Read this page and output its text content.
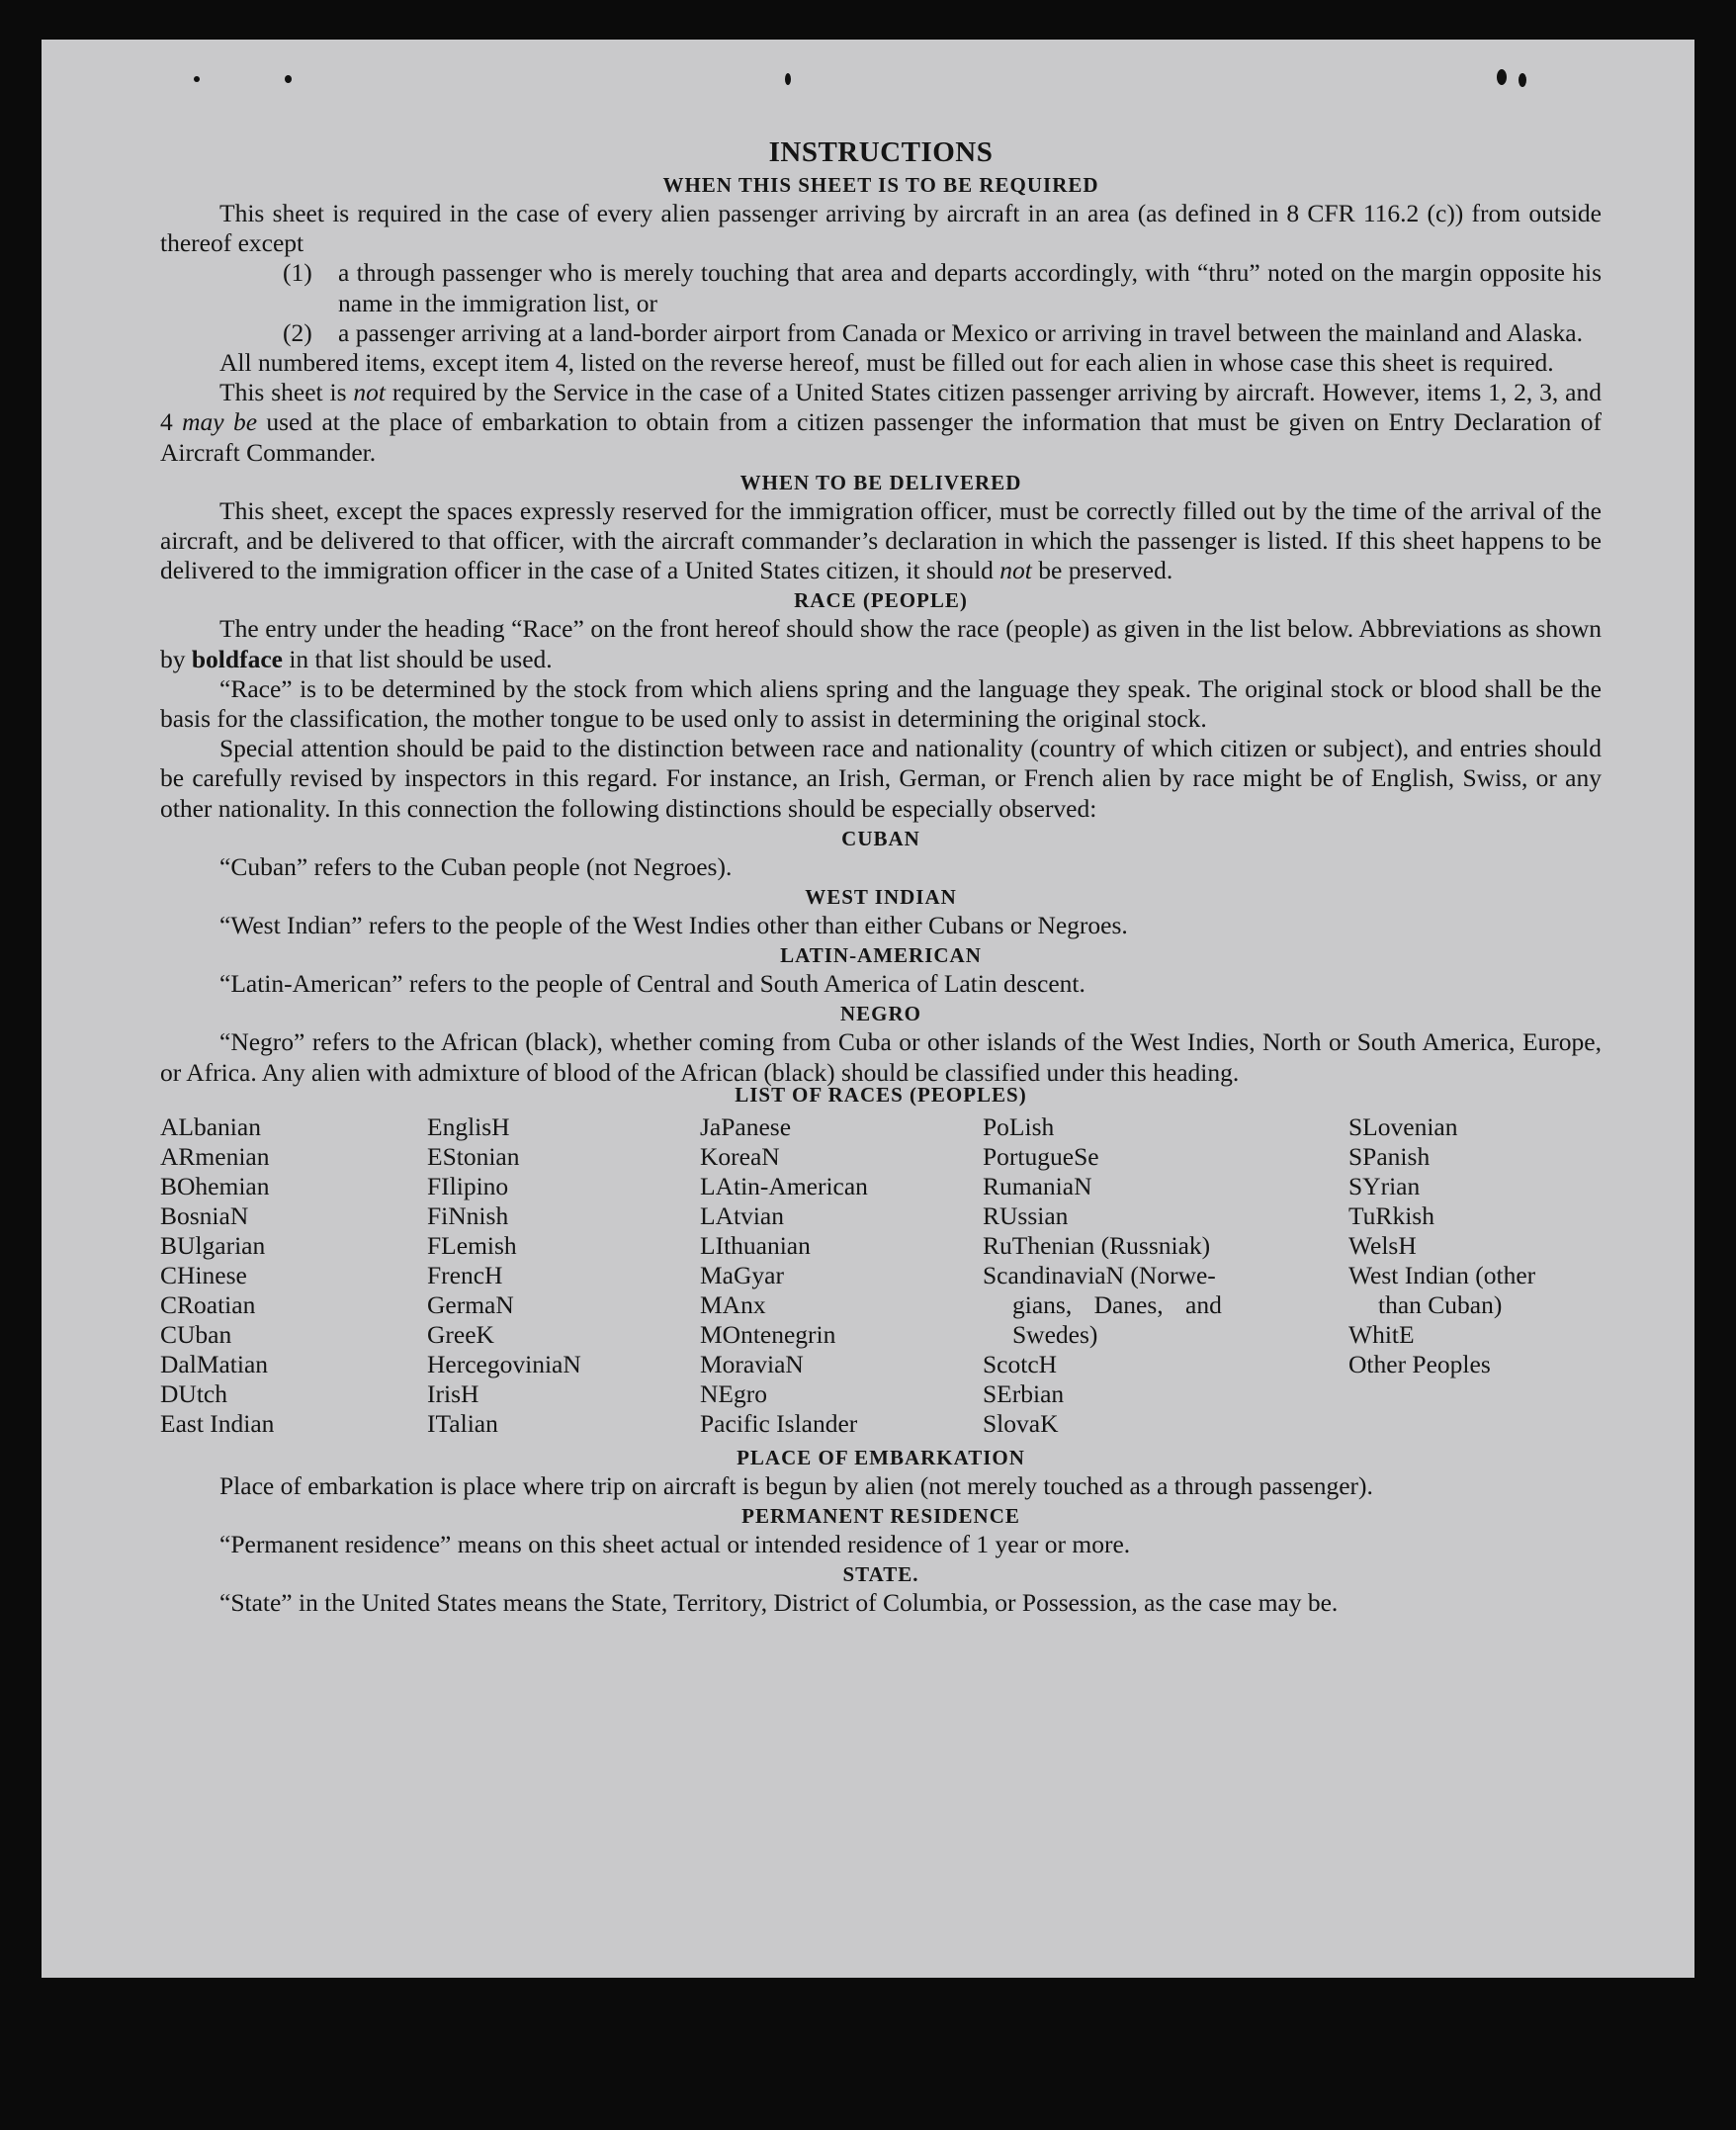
INSTRUCTIONS
WHEN THIS SHEET IS TO BE REQUIRED

This sheet is required in the case of every alien passenger arriving by aircraft in an area (as defined in 8 CFR 116.2 (c)) from outside thereof except

(1)	a through passenger who is merely touching that area and departs accordingly, with “thru” noted on the margin opposite his name in the immigration list, or
(2)	a passenger arriving at a land-border airport from Canada or Mexico or arriving in travel between the mainland and Alaska.

All numbered items, except item 4, listed on the reverse hereof, must be filled out for each alien in whose case this sheet is required.

This sheet is not required by the Service in the case of a United States citizen passenger arriving by aircraft. However, items 1, 2, 3, and 4 may be used at the place of embarkation to obtain from a citizen passenger the information that must be given on Entry Declaration of Aircraft Commander.

WHEN TO BE DELIVERED

This sheet, except the spaces expressly reserved for the immigration officer, must be correctly filled out by the time of the arrival of the aircraft, and be delivered to that officer, with the aircraft commander’s declaration in which the passenger is listed. If this sheet happens to be delivered to the immigration officer in the case of a United States citizen, it should not be preserved.

RACE (PEOPLE)

The entry under the heading “Race” on the front hereof should show the race (people) as given in the list below. Abbreviations as shown by boldface in that list should be used.

“Race” is to be determined by the stock from which aliens spring and the language they speak. The original stock or blood shall be the basis for the classification, the mother tongue to be used only to assist in determining the original stock.

Special attention should be paid to the distinction between race and nationality (country of which citizen or subject), and entries should be carefully revised by inspectors in this regard. For instance, an Irish, German, or French alien by race might be of English, Swiss, or any other nationality. In this connection the following distinctions should be especially observed:

CUBAN

“Cuban” refers to the Cuban people (not Negroes).

WEST INDIAN

“West Indian” refers to the people of the West Indies other than either Cubans or Negroes.

LATIN-AMERICAN

“Latin-American” refers to the people of Central and South America of Latin descent.

NEGRO

“Negro” refers to the African (black), whether coming from Cuba or other islands of the West Indies, North or South America, Europe, or Africa. Any alien with admixture of blood of the African (black) should be classified under this heading.

LIST OF RACES (PEOPLES)
ALbanian
ARmenian
BOhemian
BosniaN
BUlgarian
CHinese
CRoatian
CUban
DalMatian
DUtch
East Indian
EnglisH
EStonian
FIlipino
FiNnish
FLemish
FrencH
GermaN
GreeK
HercegoviniaN
IrisH
ITalian
JaPanese
KoreaN
LAtin-American
LAtvian
LIthuanian
MaGyar
MAnx
MOntenegrin
MoraviaN
NEgro
Pacific Islander
PoLish
PortugueSe
RumaniaN
RUssian
RuThenian (Russniak)
ScandinaviaN (Norwe-
gians, Danes, and
Swedes)
ScotcH
SErbian
SlovaK
SLovenian
SPanish
SYrian
TuRkish
WelsH
West Indian (other
than Cuban)
WhitE
Other Peoples
PLACE OF EMBARKATION

Place of embarkation is place where trip on aircraft is begun by alien (not merely touched as a through passenger).

PERMANENT RESIDENCE

“Permanent residence” means on this sheet actual or intended residence of 1 year or more.

STATE.

“State” in the United States means the State, Territory, District of Columbia, or Possession, as the case may be.
